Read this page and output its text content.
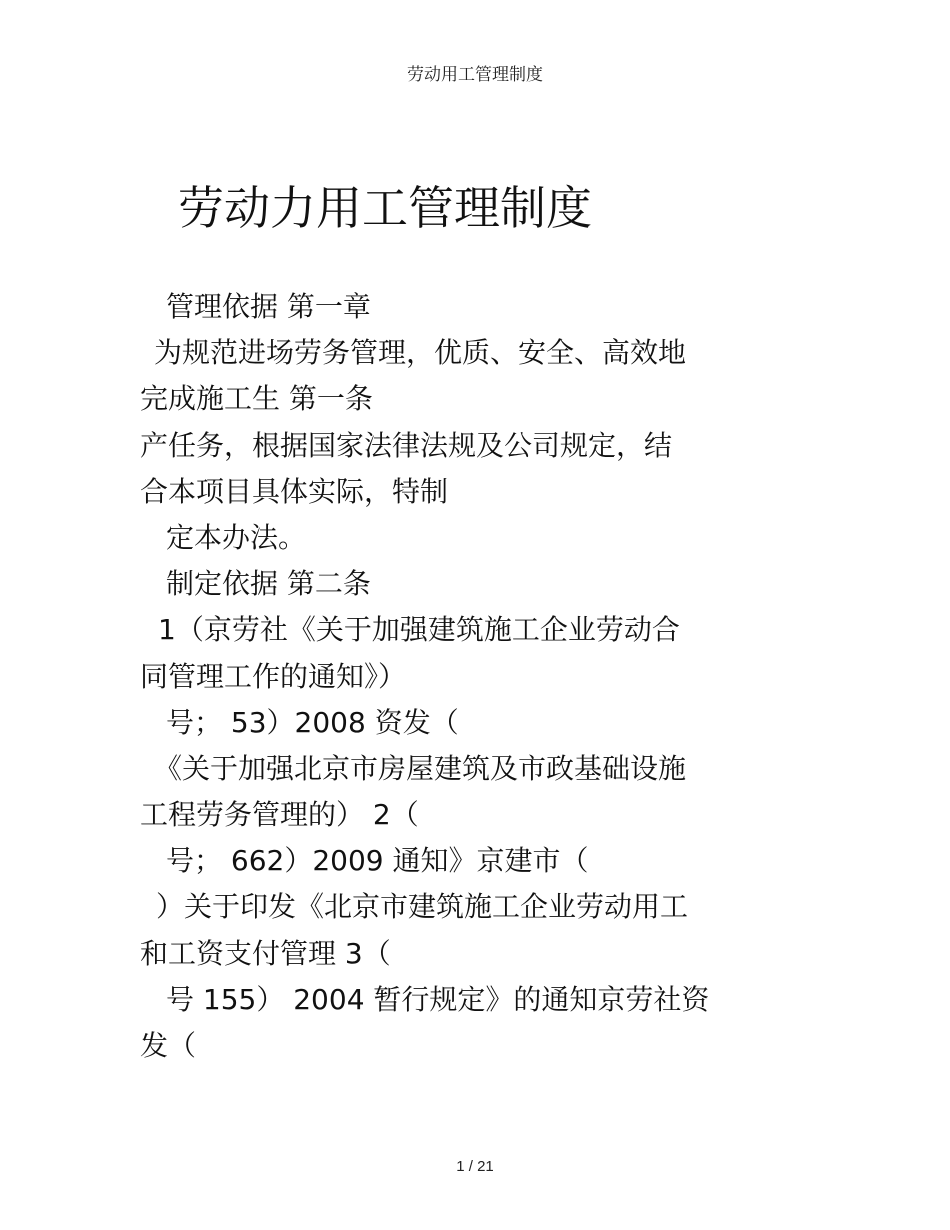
劳动用工管理制度
劳动力用工管理制度
管理依据 第一章
为规范进场劳务管理，优质、安全、高效地
完成施工生 第一条
产任务，根据国家法律法规及公司规定，结
合本项目具体实际，特制
定本办法。
制定依据 第二条
1（京劳社《关于加强建筑施工企业劳动合
同管理工作的通知》）
号； 53）2008 资发（
《关于加强北京市房屋建筑及市政基础设施
工程劳务管理的） 2（
号； 662）2009 通知》京建市（
）关于印发《北京市建筑施工企业劳动用工
和工资支付管理 3（
号 155） 2004 暂行规定》的通知京劳社资
发（
1 / 21
